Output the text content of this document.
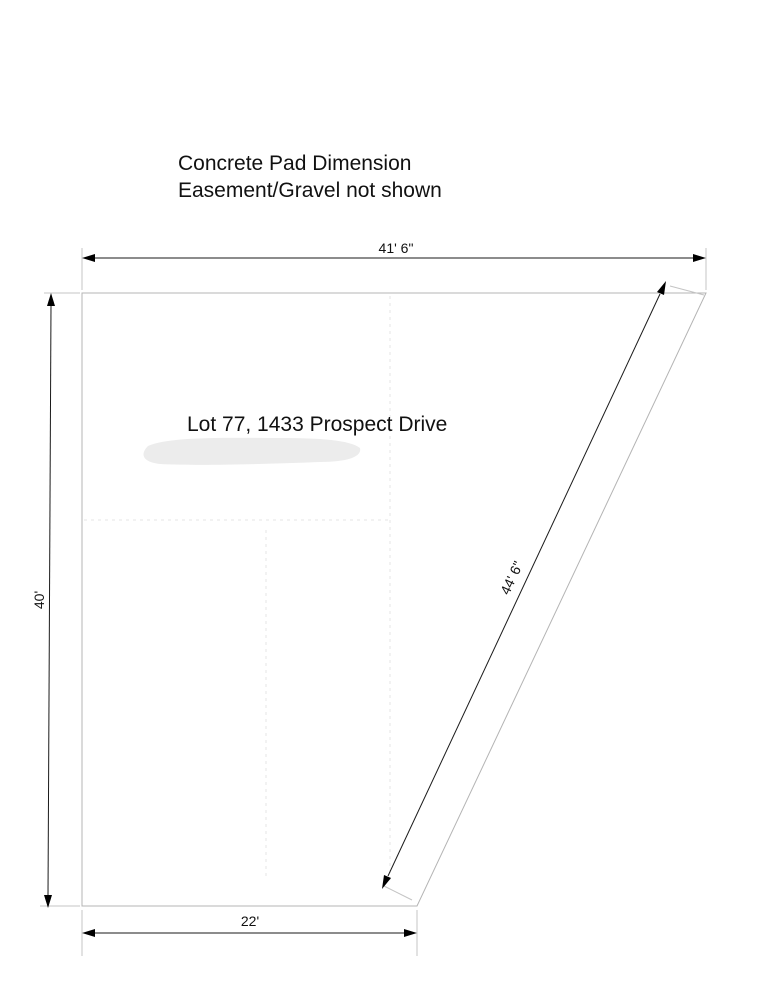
Concrete Pad Dimension
Easement/Gravel not shown
Lot 77, 1433 Prospect Drive
41' 6"
40'
44' 6"
22'
